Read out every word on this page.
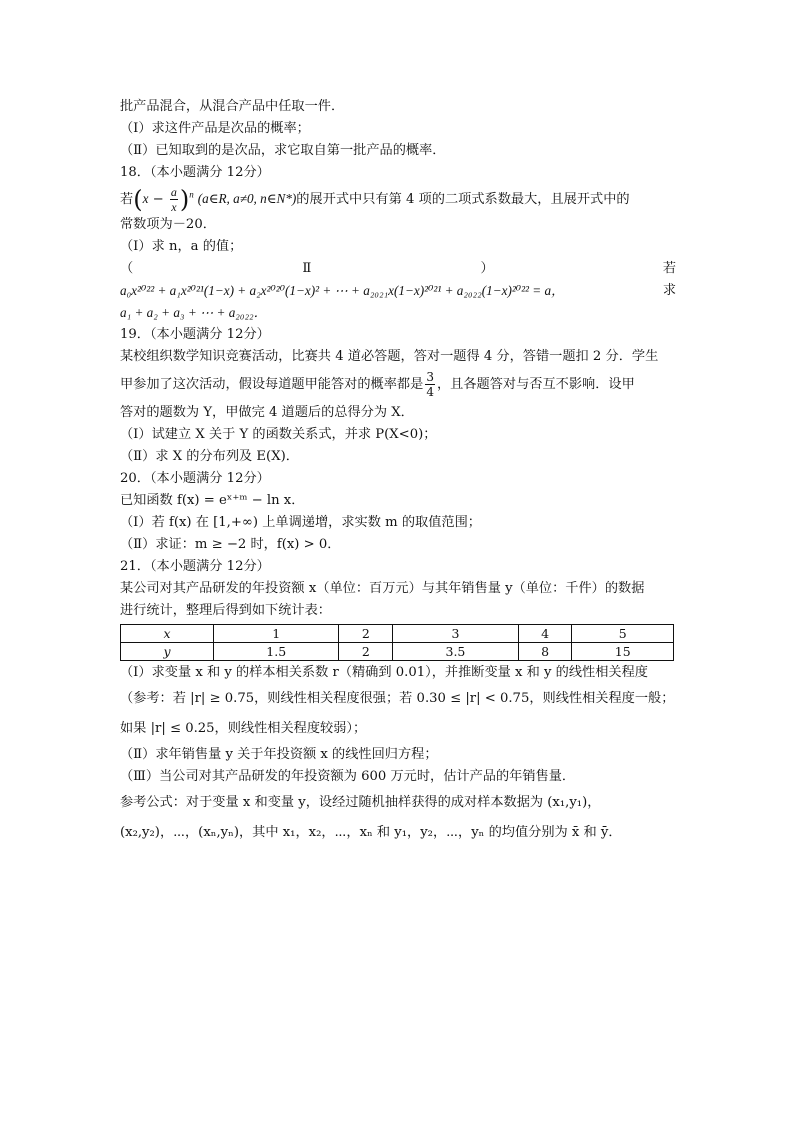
批产品混合，从混合产品中任取一件．
（Ⅰ）求这件产品是次品的概率；
（Ⅱ）已知取到的是次品，求它取自第一批产品的概率．
18．（本小题满分 12分）
若$(x - \frac{a}{x} )^n$ (a∈R, a≠0, n∈N*)的展开式中只有第 4 项的二项式系数最大，且展开式中的
常数项为－20．
（Ⅰ）求 n，a 的值；
（	Ⅱ	）	若
a₀x²⁰²² + a₁x²⁰²¹(1−x) + a₂x²⁰²⁰(1−x)² + ⋯ + a₂₀₂₁x(1−x)²⁰²¹ + a₂₀₂₂(1−x)²⁰²² = a，	求
a₁ + a₂ + a₃ + ⋯ + a₂₀₂₂．
19．（本小题满分 12分）
某校组织数学知识竞赛活动，比赛共 4 道必答题，答对一题得 4 分，答错一题扣 2 分．学生
甲参加了这次活动，假设每道题甲能答对的概率都是 $\frac{3}{4}$ ，且各题答对与否互不影响．设甲
答对的题数为 Y，甲做完 4 道题后的总得分为 X．
（Ⅰ）试建立 X 关于 Y 的函数关系式，并求 P(X<0)；
（Ⅱ）求 X 的分布列及 E(X)．
20．（本小题满分 12分）
已知函数 f(x) = eˣ⁺ᵐ − ln x．
（Ⅰ）若 f(x) 在 [1,+∞) 上单调递增，求实数 m 的取值范围；
（Ⅱ）求证：m ≥ −2 时，f(x) > 0．
21．（本小题满分 12分）
某公司对其产品研发的年投资额 x（单位：百万元）与其年销售量 y（单位：千件）的数据
进行统计，整理后得到如下统计表：
x	1	2	3	4	5
y	1.5	2	3.5	8	15
（Ⅰ）求变量 x 和 y 的样本相关系数 r（精确到 0.01），并推断变量 x 和 y 的线性相关程度
（参考：若 |r| ≥ 0.75，则线性相关程度很强；若 0.30 ≤ |r| < 0.75，则线性相关程度一般；
如果 |r| ≤ 0.25，则线性相关程度较弱）；
（Ⅱ）求年销售量 y 关于年投资额 x 的线性回归方程；
（Ⅲ）当公司对其产品研发的年投资额为 600 万元时，估计产品的年销售量．
参考公式：对于变量 x 和变量 y，设经过随机抽样获得的成对样本数据为 (x₁,y₁)，
(x₂,y₂)，⋯，(xₙ,yₙ)，其中 x₁，x₂，⋯，xₙ 和 y₁，y₂，⋯，yₙ 的均值分别为 x̄ 和 ȳ．
